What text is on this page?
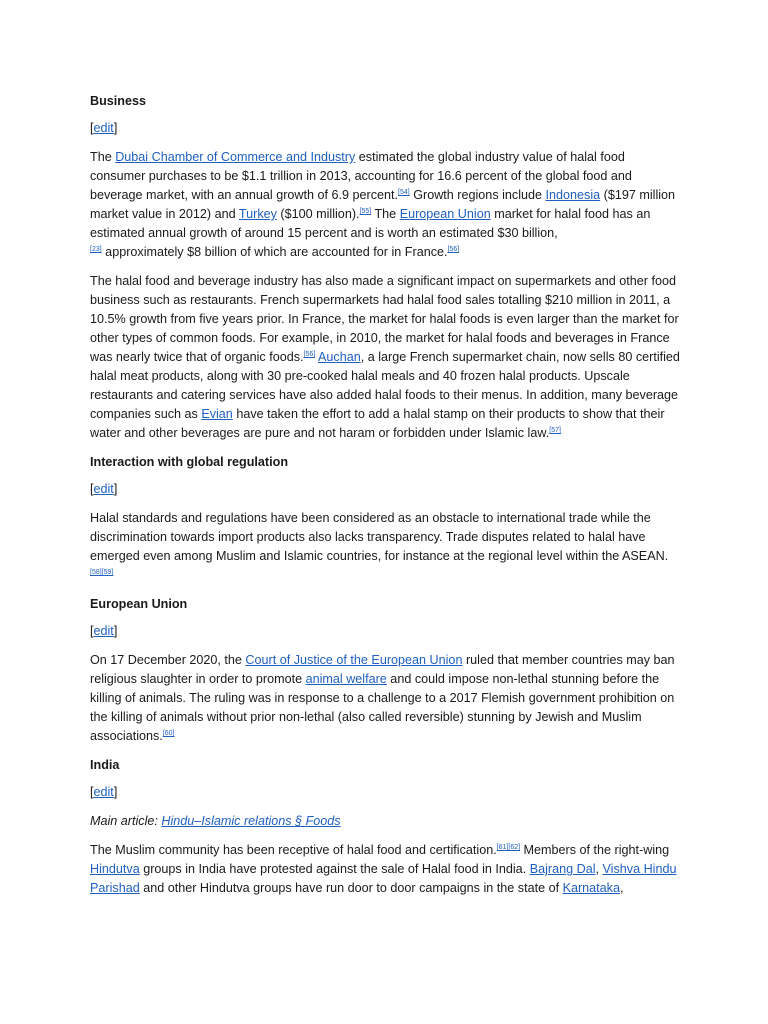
Business
[edit]

The Dubai Chamber of Commerce and Industry estimated the global industry value of halal food consumer purchases to be $1.1 trillion in 2013, accounting for 16.6 percent of the global food and beverage market, with an annual growth of 6.9 percent.[54] Growth regions include Indonesia ($197 million market value in 2012) and Turkey ($100 million).[55] The European Union market for halal food has an estimated annual growth of around 15 percent and is worth an estimated $30 billion,
[23] approximately $8 billion of which are accounted for in France.[56]

The halal food and beverage industry has also made a significant impact on supermarkets and other food business such as restaurants. French supermarkets had halal food sales totalling $210 million in 2011, a 10.5% growth from five years prior. In France, the market for halal foods is even larger than the market for other types of common foods. For example, in 2010, the market for halal foods and beverages in France was nearly twice that of organic foods.[56] Auchan, a large French supermarket chain, now sells 80 certified halal meat products, along with 30 pre-cooked halal meals and 40 frozen halal products. Upscale restaurants and catering services have also added halal foods to their menus. In addition, many beverage companies such as Evian have taken the effort to add a halal stamp on their products to show that their water and other beverages are pure and not haram or forbidden under Islamic law.[57]

Interaction with global regulation
[edit]

Halal standards and regulations have been considered as an obstacle to international trade while the discrimination towards import products also lacks transparency. Trade disputes related to halal have emerged even among Muslim and Islamic countries, for instance at the regional level within the ASEAN.
[58][59]

European Union
[edit]

On 17 December 2020, the Court of Justice of the European Union ruled that member countries may ban religious slaughter in order to promote animal welfare and could impose non-lethal stunning before the killing of animals. The ruling was in response to a challenge to a 2017 Flemish government prohibition on the killing of animals without prior non-lethal (also called reversible) stunning by Jewish and Muslim associations.[60]

India
[edit]
Main article: Hindu–Islamic relations § Foods

The Muslim community has been receptive of halal food and certification.[61][62] Members of the right-wing Hindutva groups in India have protested against the sale of Halal food in India. Bajrang Dal, Vishva Hindu Parishad and other Hindutva groups have run door to door campaigns in the state of Karnataka,
